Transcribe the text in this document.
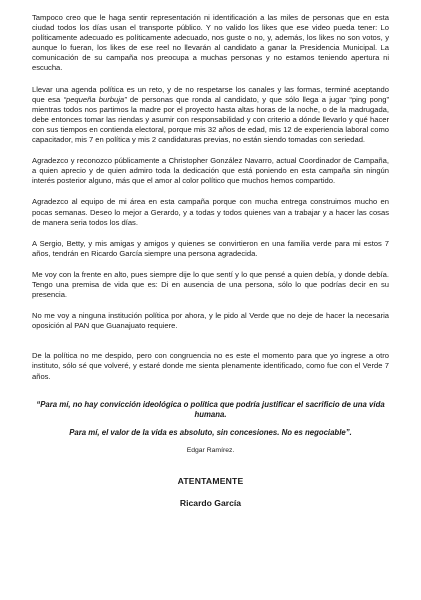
Tampoco creo que le haga sentir representación ni identificación a las miles de personas que en esta ciudad todos los días usan el transporte público. Y no valido los likes que ese video pueda tener: Lo políticamente adecuado es políticamente adecuado, nos guste o no, y, además, los likes no son votos, y aunque lo fueran, los likes de ese reel no llevarán al candidato a ganar la Presidencia Municipal. La comunicación de su campaña nos preocupa a muchas personas y no estamos teniendo apertura ni escucha.

Llevar una agenda política es un reto, y de no respetarse los canales y las formas, terminé aceptando que esa “pequeña burbuja” de personas que ronda al candidato, y que sólo llega a jugar “ping pong” mientras todos nos partimos la madre por el proyecto hasta altas horas de la noche, o de la madrugada, debe entonces tomar las riendas y asumir con responsabilidad y con criterio a dónde llevarlo y qué hacer con sus tiempos en contienda electoral, porque mis 32 años de edad, mis 12 de experiencia laboral como capacitador, mis 7 en política y mis 2 candidaturas previas, no están siendo tomadas con seriedad.

Agradezco y reconozco públicamente a Christopher González Navarro, actual Coordinador de Campaña, a quien aprecio y de quien admiro toda la dedicación que está poniendo en esta campaña sin ningún interés posterior alguno, más que el amor al color político que muchos hemos compartido.

Agradezco al equipo de mi área en esta campaña porque con mucha entrega construimos mucho en pocas semanas. Deseo lo mejor a Gerardo, y a todas y todos quienes van a trabajar y a hacer las cosas de manera seria todos los días.

A Sergio, Betty, y mis amigas y amigos y quienes se convirtieron en una familia verde para mi estos 7 años, tendrán en Ricardo García siempre una persona agradecida.

Me voy con la frente en alto, pues siempre dije lo que sentí y lo que pensé a quien debía, y donde debía. Tengo una premisa de vida que es: Di en ausencia de una persona, sólo lo que podrías decir en su presencia.

No me voy a ninguna institución política por ahora, y le pido al Verde que no deje de hacer la necesaria oposición al PAN que Guanajuato requiere.

De la política no me despido, pero con congruencia no es este el momento para que yo ingrese a otro instituto, sólo sé que volveré, y estaré donde me sienta plenamente identificado, como fue con el Verde 7 años.

“Para mí, no hay convicción ideológica o política que podría justificar el sacrificio de una vida humana.

Para mí, el valor de la vida es absoluto, sin concesiones. No es negociable”.

Edgar Ramírez.

ATENTAMENTE

Ricardo García
